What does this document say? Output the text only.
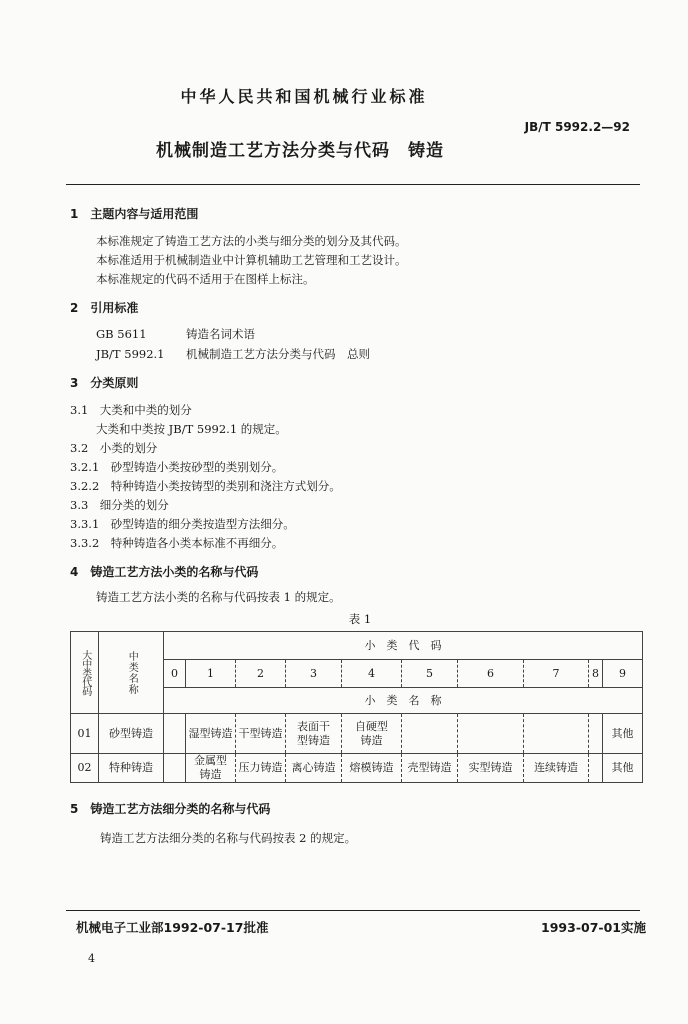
中华人民共和国机械行业标准
JB/T 5992.2—92
机械制造工艺方法分类与代码　铸造
1　主题内容与适用范围
本标准规定了铸造工艺方法的小类与细分类的划分及其代码。
本标准适用于机械制造业中计算机辅助工艺管理和工艺设计。
本标准规定的代码不适用于在图样上标注。
2　引用标准
GB 5611	铸造名词术语
JB/T 5992.1 机械制造工艺方法分类与代码　总则
3　分类原则
3.1　大类和中类的划分
大类和中类按 JB/T 5992.1 的规定。
3.2　小类的划分
3.2.1　砂型铸造小类按砂型的类别划分。
3.2.2　特种铸造小类按铸型的类别和浇注方式划分。
3.3　细分类的划分
3.3.1　砂型铸造的细分类按造型方法细分。
3.3.2　特种铸造各小类本标准不再细分。
4　铸造工艺方法小类的名称与代码
铸造工艺方法小类的名称与代码按表 1 的规定。
表 1
大中类代码	中类名称	小　类　代　码									
		0	1	2	3	4	5	6	7	8	9
		小　类　名　称									
01	砂型铸造		湿型铸造	干型铸造	表面干型铸造	自硬型铸造					其他
02	特种铸造		金属型铸造	压力铸造	离心铸造	熔模铸造	壳型铸造	实型铸造	连续铸造		其他
5　铸造工艺方法细分类的名称与代码
铸造工艺方法细分类的名称与代码按表 2 的规定。
机械电子工业部1992-07-17批准	1993-07-01实施
4
